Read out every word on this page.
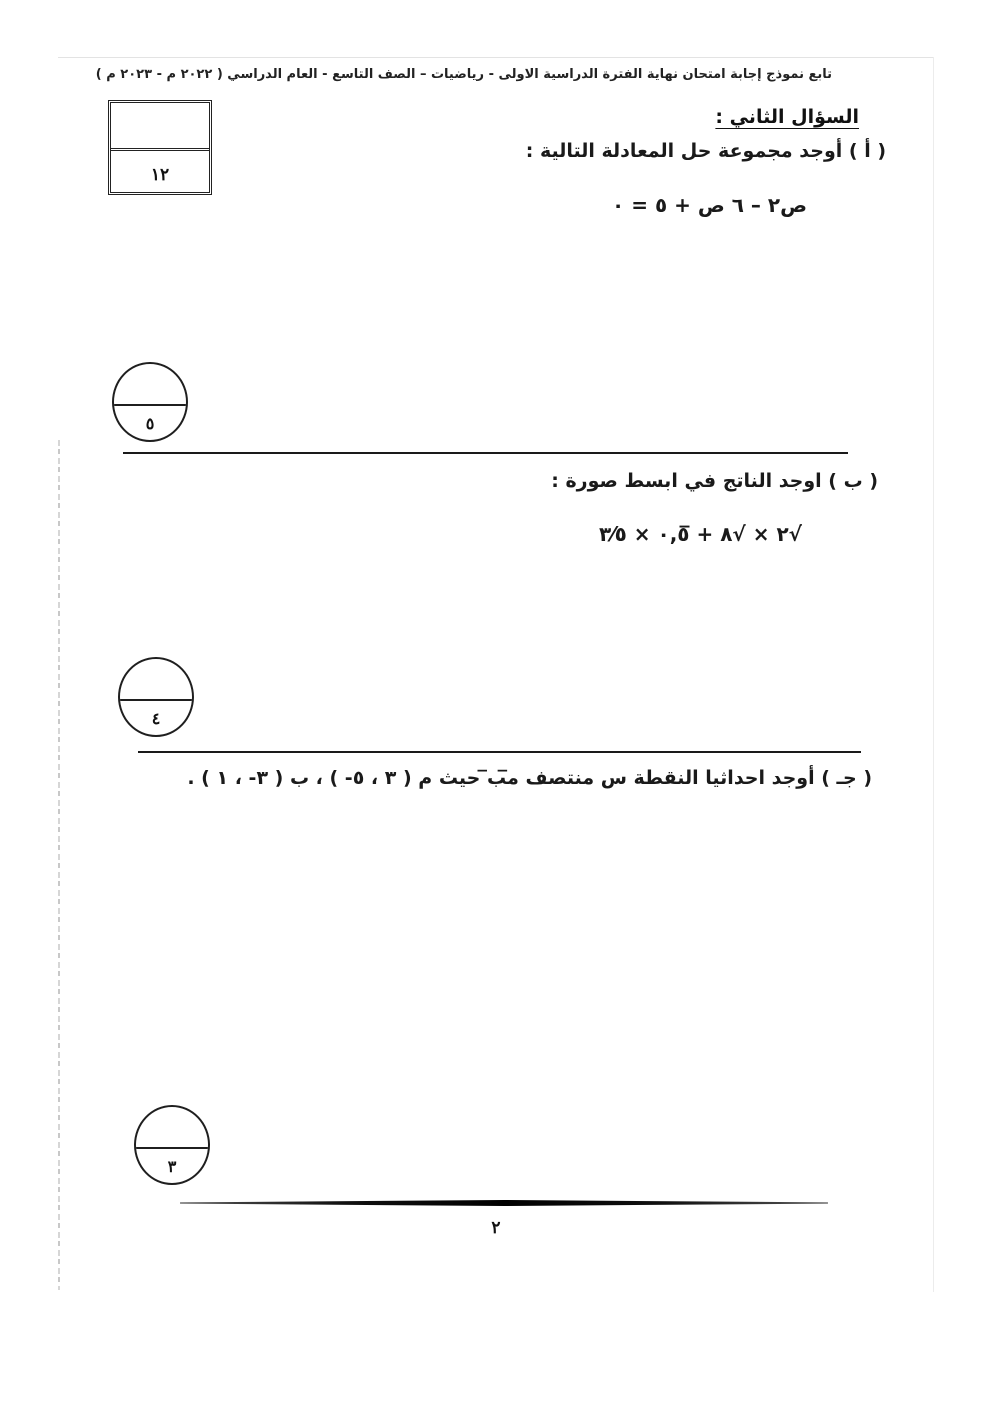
تابع نموذج إجابة امتحان نهاية الفترة الدراسية الاولى - رياضيات – الصف التاسع - العام الدراسي ( ٢٠٢٢ م - ٢٠٢٣ م )
١٢
السؤال الثاني :
( أ ) أوجد مجموعة حل المعادلة التالية :
ص٢ – ٦ ص + ٥ = ٠
٥
( ب ) اوجد الناتج في ابسط صورة :
√٢ × √٨ + ٠,٥̅ × ٣⁄٥
٤
( جـ ) أوجد احداثيا النقطة س منتصف م̅ب̅ حيث م ( ٣ ، ٥- ) ، ب ( ٣- ، ١ ) .
٣
٢
